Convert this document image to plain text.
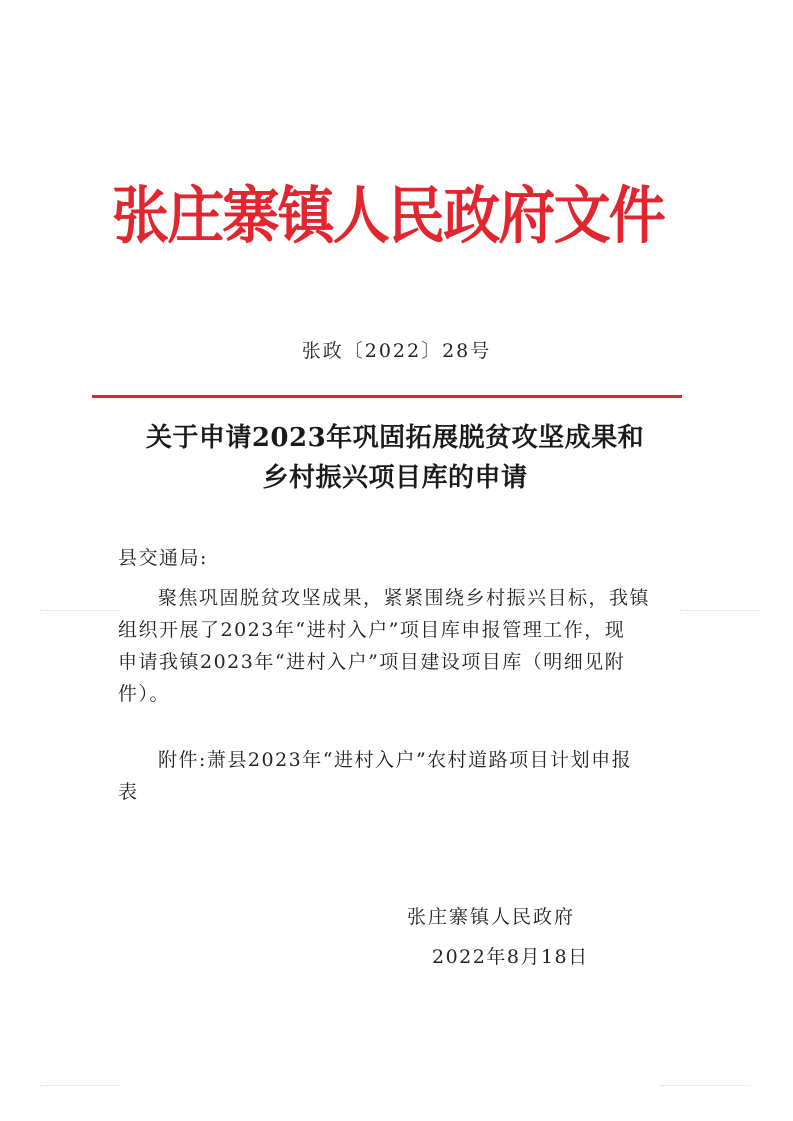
张庄寨镇人民政府文件
张政〔2022〕28号
关于申请2023年巩固拓展脱贫攻坚成果和
乡村振兴项目库的申请
县交通局:
聚焦巩固脱贫攻坚成果，紧紧围绕乡村振兴目标，我镇
组织开展了2023年“进村入户”项目库申报管理工作，现
申请我镇2023年“进村入户”项目建设项目库（明细见附
件）。
附件:萧县2023年“进村入户”农村道路项目计划申报
表
张庄寨镇人民政府
2022年8月18日
